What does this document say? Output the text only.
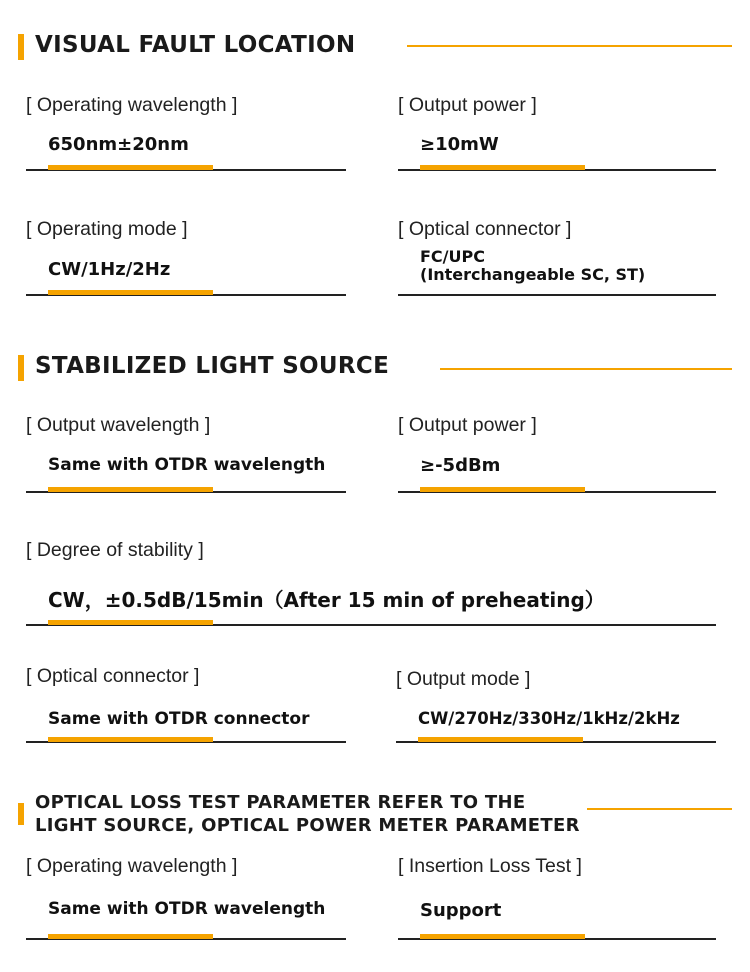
VISUAL FAULT LOCATION
[ Operating wavelength ]
650nm±20nm
[ Output power ]
≥10mW
[ Operating mode ]
CW/1Hz/2Hz
[ Optical connector ]
FC/UPC
(Interchangeable SC, ST)
STABILIZED LIGHT SOURCE
[ Output wavelength ]
Same with OTDR wavelength
[ Output power ]
≥-5dBm
[ Degree of stability ]
CW，±0.5dB/15min（After 15 min of preheating）
[ Optical connector ]
Same with OTDR connector
[ Output mode ]
CW/270Hz/330Hz/1kHz/2kHz
OPTICAL LOSS TEST PARAMETER REFER TO THE
LIGHT SOURCE, OPTICAL POWER METER PARAMETER
[ Operating wavelength ]
Same with OTDR wavelength
[ Insertion Loss Test ]
Support
